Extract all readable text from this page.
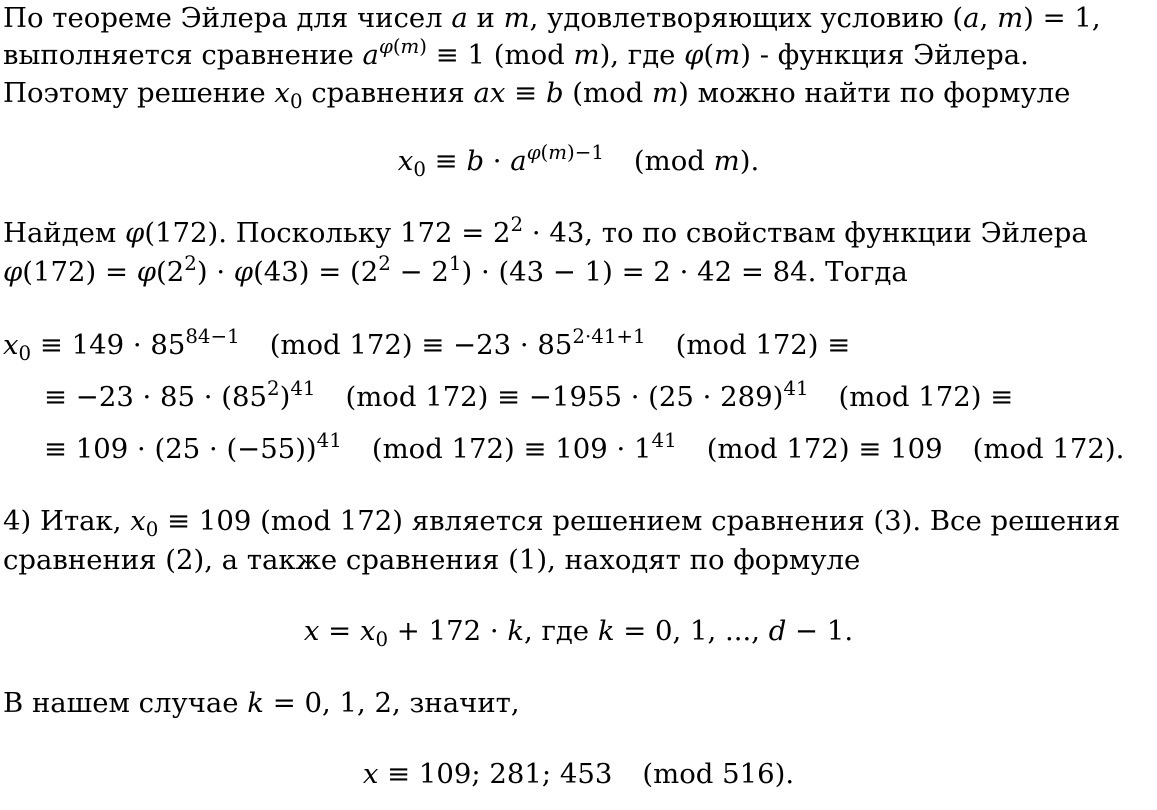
По теореме Эйлера для чисел a и m, удовлетворяющих условию (a, m) = 1,
выполняется сравнение $a^{\varphi(m)} \equiv 1$ (mod m), где φ(m) - функция Эйлера.
Поэтому решение $x_0$ сравнения ax ≡ b (mod m) можно найти по формуле
$x_0 \equiv b \cdot a^{\varphi(m)-1}$ (mod m).
Найдем φ(172). Поскольку $172 = 2^2 \cdot 43$, то по свойствам функции Эйлера
$\varphi(172) = \varphi(2^2) \cdot \varphi(43) = (2^2 - 2^1) \cdot (43 - 1) = 2 \cdot 42 = 84$. Тогда
$x_0 \equiv 149 \cdot 85^{84-1}$ (mod $172) \equiv -23 \cdot 85^{2\cdot 41+1}$ (mod 172) ≡
≡ $-23 \cdot 85 \cdot (85^2)^{41}$ (mod $172) \equiv -1955 \cdot (25 \cdot 289)^{41}$ (mod 172) ≡
≡ $109 \cdot (25 \cdot (-55))^{41}$ (mod $172) \equiv 109 \cdot 1^{41}$ (mod 172) ≡ 109 (mod 172).
4) Итак, $x_0 \equiv 109$ (mod 172) является решением сравнения (3). Все решения
сравнения (2), а также сравнения (1), находят по формуле
$x = x_0 + 172 \cdot k$, где k = 0, 1, ..., d − 1.
В нашем случае k = 0, 1, 2, значит,
x ≡ 109; 281; 453 (mod 516).
